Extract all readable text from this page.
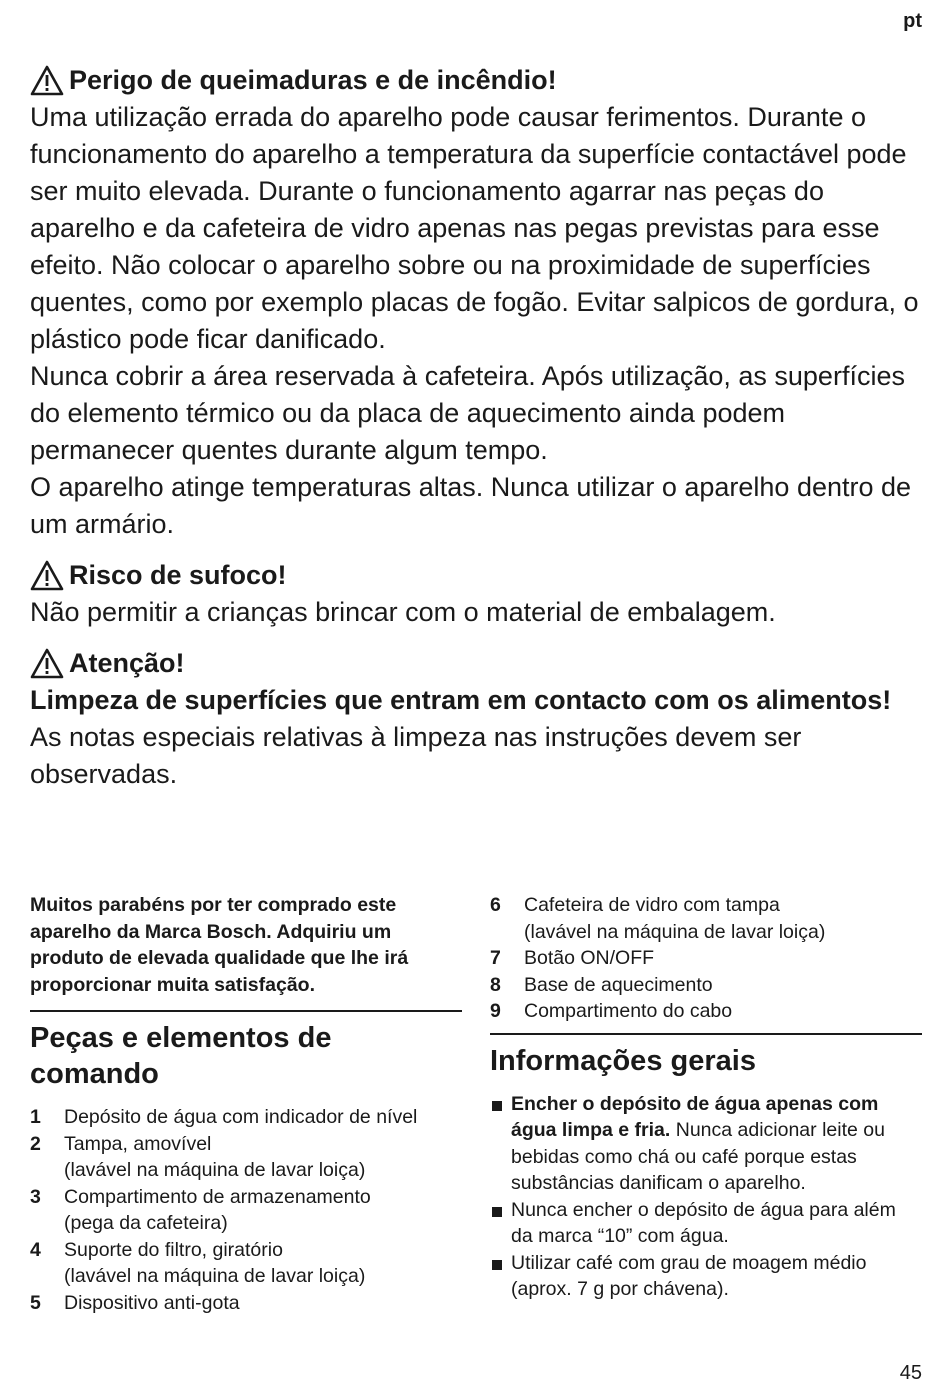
pt
Perigo de queimaduras e de incêndio!

Uma utilização errada do aparelho pode causar ferimentos. Durante o funcionamento do aparelho a temperatura da superfície contactável pode ser muito elevada. Durante o funcionamento agarrar nas peças do aparelho e da cafeteira de vidro apenas nas pegas previstas para esse efeito. Não colocar o aparelho sobre ou na proximidade de superfícies quentes, como por exemplo placas de fogão. Evitar salpicos de gordura, o plástico pode ficar danificado.

Nunca cobrir a área reservada à cafeteira. Após utilização, as superfícies do elemento térmico ou da placa de aquecimento ainda podem permanecer quentes durante algum tempo.

O aparelho atinge temperaturas altas. Nunca utilizar o aparelho dentro de um armário.

Risco de sufoco!

Não permitir a crianças brincar com o material de embalagem.

Atenção!

Limpeza de superfícies que entram em contacto com os alimentos! As notas especiais relativas à limpeza nas instruções devem ser observadas.

Muitos parabéns por ter comprado este aparelho da Marca Bosch. Adquiriu um produto de elevada qualidade que lhe irá proporcionar muita satisfação.

Peças e elementos de comando
1	Depósito de água com indicador de nível
2	Tampa, amovível
(lavável na máquina de lavar loiça)
3	Compartimento de armazenamento
(pega da cafeteira)
4	Suporte do filtro, giratório
(lavável na máquina de lavar loiça)
5	Dispositivo anti-gota
6	Cafeteira de vidro com tampa
(lavável na máquina de lavar loiça)
7	Botão ON/OFF
8	Base de aquecimento
9	Compartimento do cabo
Informações gerais
Encher o depósito de água apenas com água limpa e fria. Nunca adicionar leite ou bebidas como chá ou café porque estas substâncias danificam o aparelho.
Nunca encher o depósito de água para além da marca “10” com água.
Utilizar café com grau de moagem médio (aprox. 7 g por chávena).
45
